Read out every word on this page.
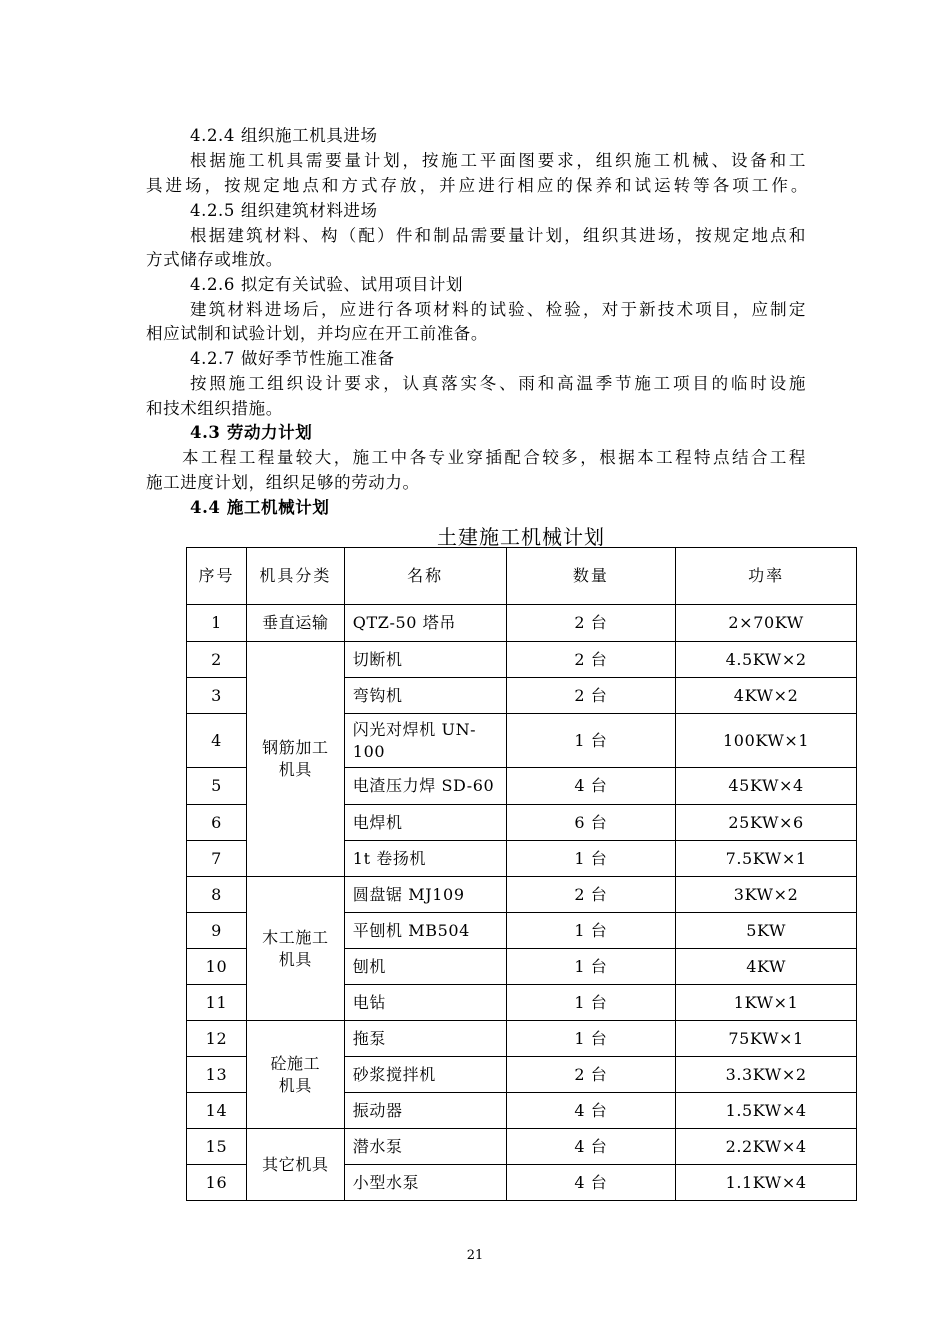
4.2.4 组织施工机具进场
根据施工机具需要量计划，按施工平面图要求，组织施工机械、设备和工
具进场，按规定地点和方式存放，并应进行相应的保养和试运转等各项工作。
4.2.5 组织建筑材料进场
根据建筑材料、构（配）件和制品需要量计划，组织其进场，按规定地点和
方式储存或堆放。
4.2.6 拟定有关试验、试用项目计划
建筑材料进场后，应进行各项材料的试验、检验，对于新技术项目，应制定
相应试制和试验计划，并均应在开工前准备。
4.2.7 做好季节性施工准备
按照施工组织设计要求，认真落实冬、雨和高温季节施工项目的临时设施
和技术组织措施。
4.3 劳动力计划
本工程工程量较大，施工中各专业穿插配合较多，根据本工程特点结合工程
施工进度计划，组织足够的劳动力。
4.4 施工机械计划
土建施工机械计划
序号	机具分类	名称	数量	功率
1	垂直运输	QTZ-50 塔吊	2 台	2×70KW
2	钢筋加工机具	切断机	2 台	4.5KW×2
3		弯钩机	2 台	4KW×2
4		闪光对焊机 UN-100	1 台	100KW×1
5		电渣压力焊 SD-60	4 台	45KW×4
6		电焊机	6 台	25KW×6
7		1t 卷扬机	1 台	7.5KW×1
8	木工施工机具	圆盘锯 MJ109	2 台	3KW×2
9		平刨机 MB504	1 台	5KW
10		刨机	1 台	4KW
11		电钻	1 台	1KW×1
12	砼施工机具	拖泵	1 台	75KW×1
13		砂浆搅拌机	2 台	3.3KW×2
14		振动器	4 台	1.5KW×4
15	其它机具	潜水泵	4 台	2.2KW×4
16		小型水泵	4 台	1.1KW×4
21
